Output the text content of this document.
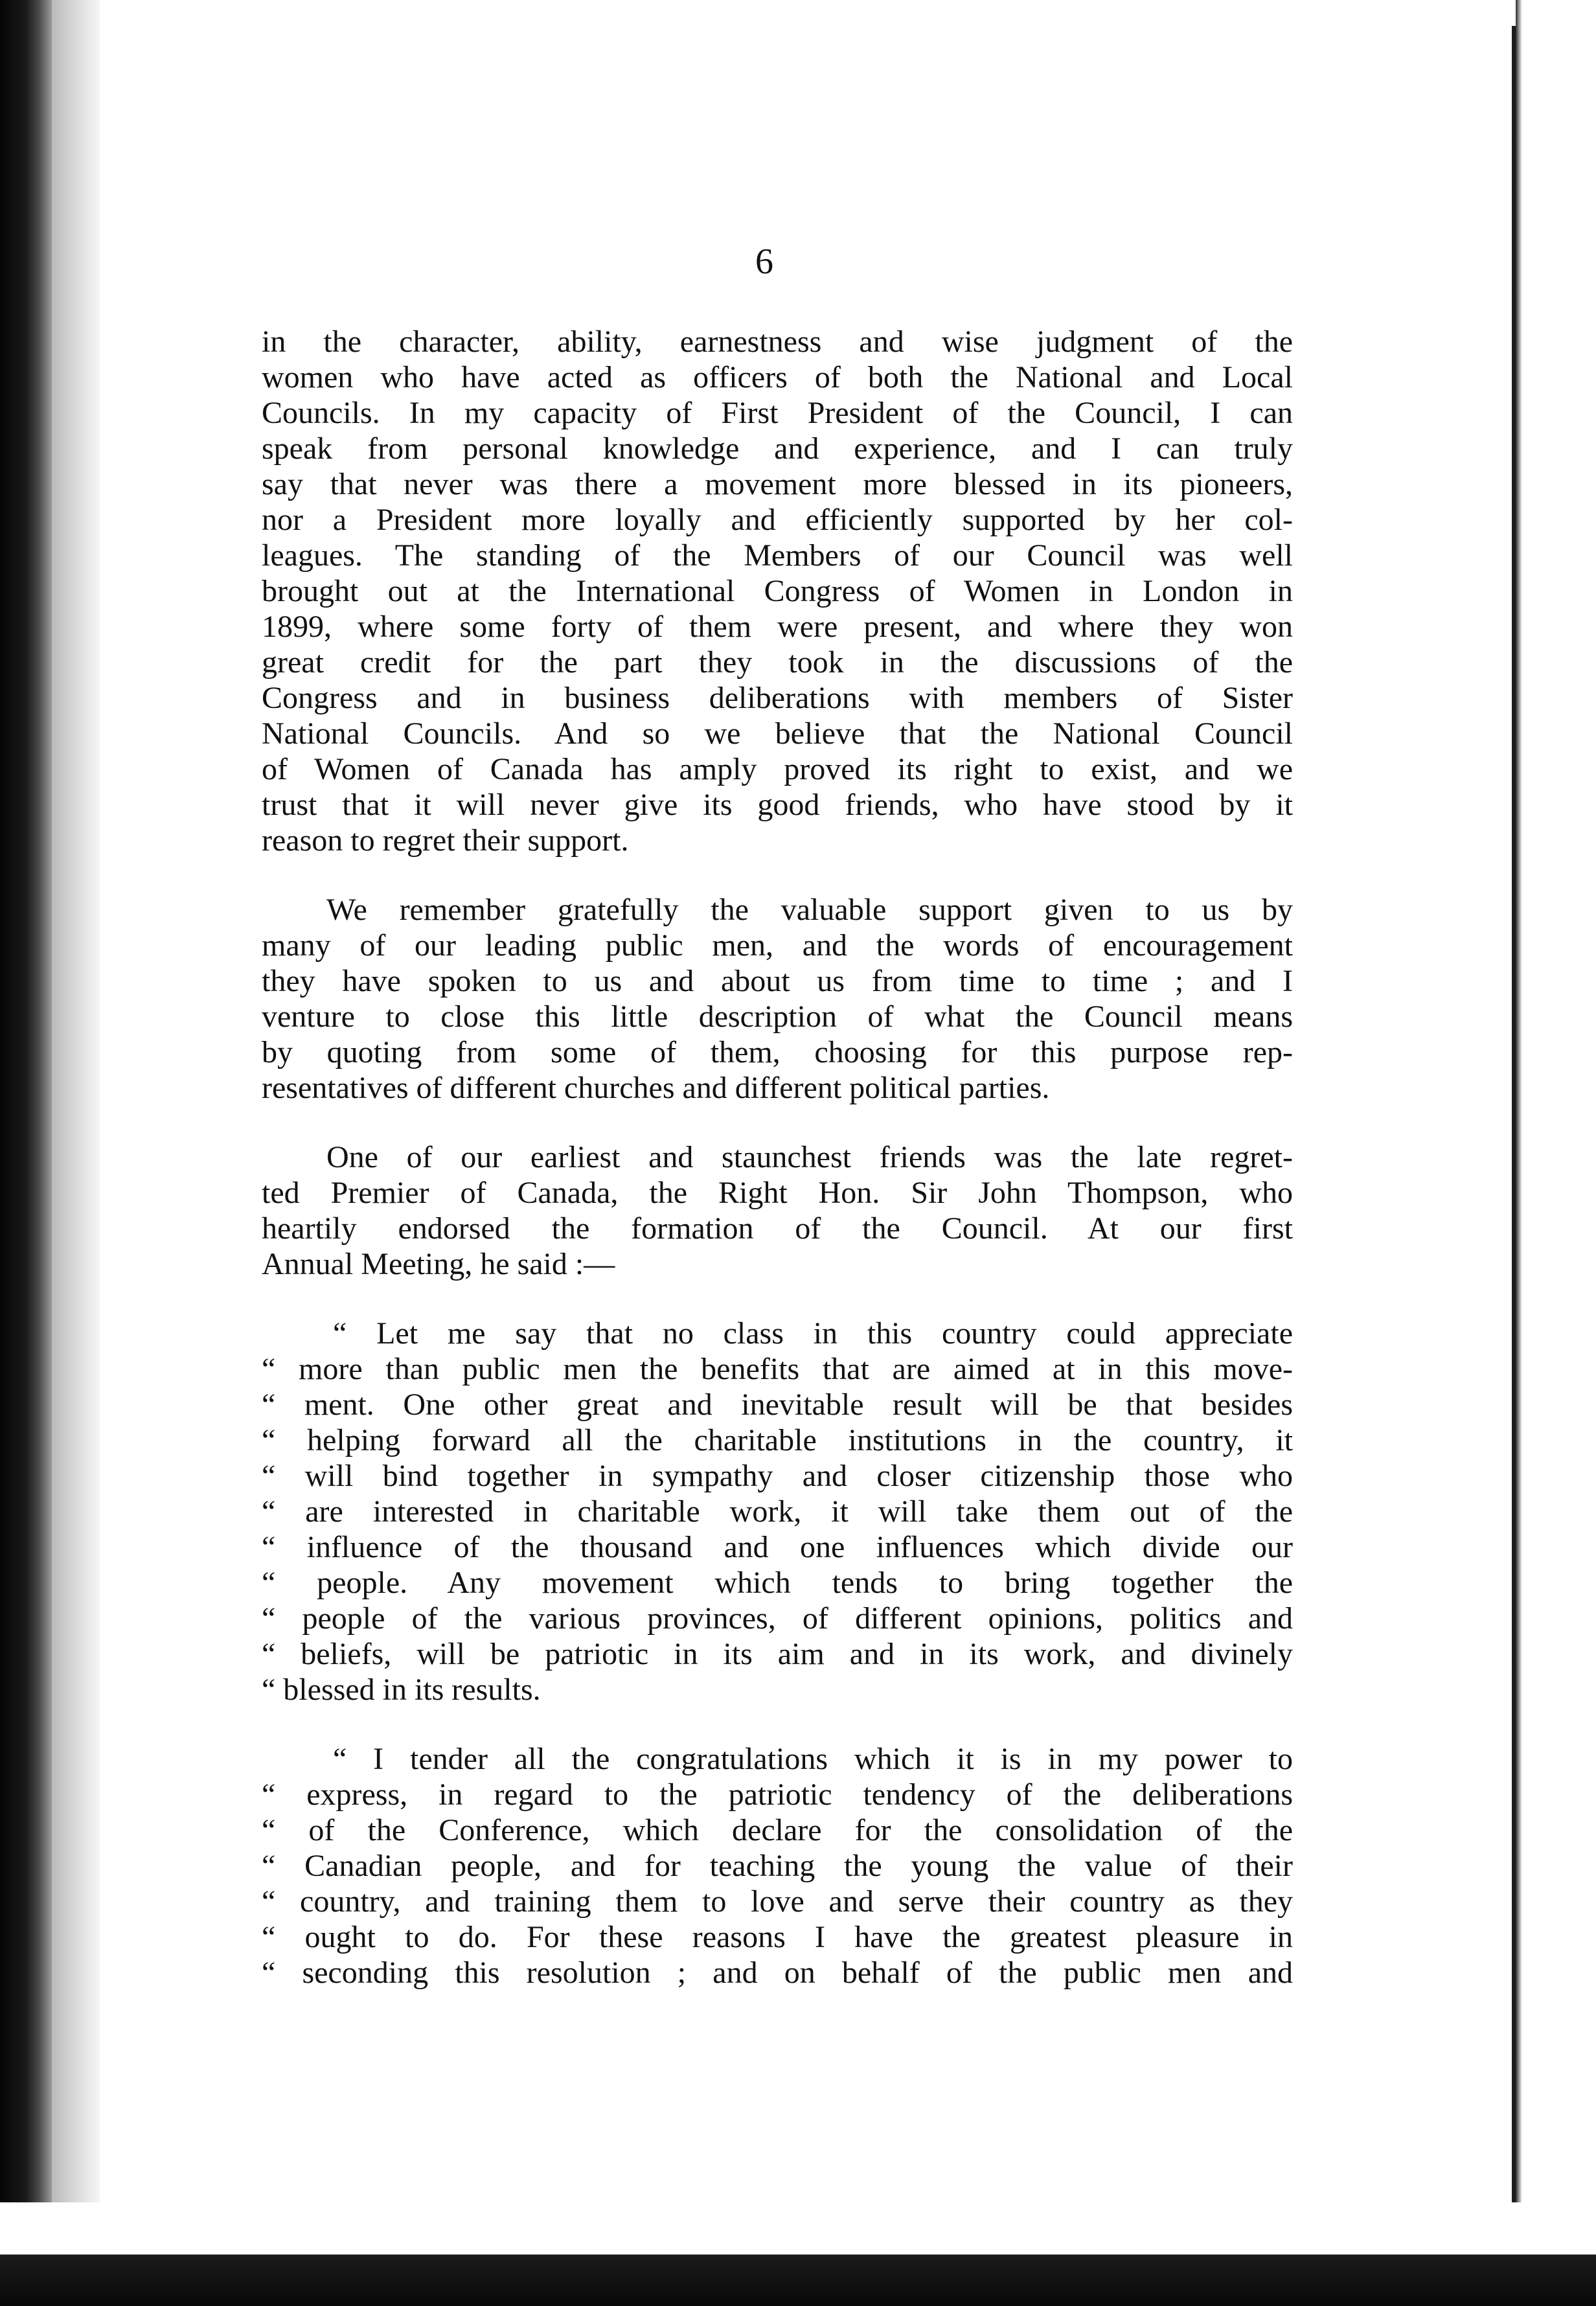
6

in the character, ability, earnestness and wise judgment of the
women who have acted as officers of both the National and Local
Councils. In my capacity of First President of the Council, I can
speak from personal knowledge and experience, and I can truly
say that never was there a movement more blessed in its pioneers,
nor a President more loyally and efficiently supported by her col-
leagues. The standing of the Members of our Council was well
brought out at the International Congress of Women in London in
1899, where some forty of them were present, and where they won
great credit for the part they took in the discussions of the
Congress and in business deliberations with members of Sister
National Councils. And so we believe that the National Council
of Women of Canada has amply proved its right to exist, and we
trust that it will never give its good friends, who have stood by it
reason to regret their support.

We remember gratefully the valuable support given to us by
many of our leading public men, and the words of encouragement
they have spoken to us and about us from time to time ; and I
venture to close this little description of what the Council means
by quoting from some of them, choosing for this purpose rep-
resentatives of different churches and different political parties.

One of our earliest and staunchest friends was the late regret-
ted Premier of Canada, the Right Hon. Sir John Thompson, who
heartily endorsed the formation of the Council. At our first
Annual Meeting, he said :—

“ Let me say that no class in this country could appreciate
“ more than public men the benefits that are aimed at in this move-
“ ment. One other great and inevitable result will be that besides
“ helping forward all the charitable institutions in the country, it
“ will bind together in sympathy and closer citizenship those who
“ are interested in charitable work, it will take them out of the
“ influence of the thousand and one influences which divide our
“ people. Any movement which tends to bring together the
“ people of the various provinces, of different opinions, politics and
“ beliefs, will be patriotic in its aim and in its work, and divinely
“ blessed in its results.

“ I tender all the congratulations which it is in my power to
“ express, in regard to the patriotic tendency of the deliberations
“ of the Conference, which declare for the consolidation of the
“ Canadian people, and for teaching the young the value of their
“ country, and training them to love and serve their country as they
“ ought to do. For these reasons I have the greatest pleasure in
“ seconding this resolution ; and on behalf of the public men and
